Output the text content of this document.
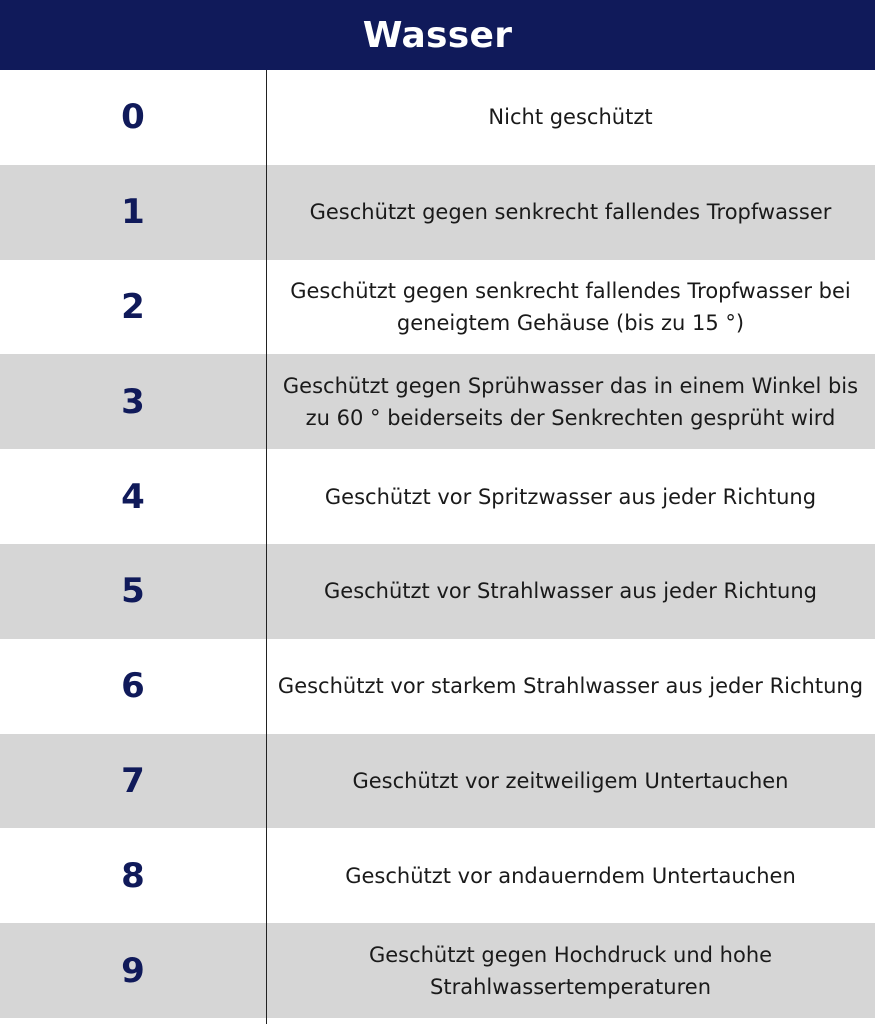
Wasser
0	Nicht geschützt
1	Geschützt gegen senkrecht fallendes Tropfwasser
2	Geschützt gegen senkrecht fallendes Tropfwasser bei geneigtem Gehäuse (bis zu 15 °)
3	Geschützt gegen Sprühwasser das in einem Winkel bis zu 60 ° beiderseits der Senkrechten gesprüht wird
4	Geschützt vor Spritzwasser aus jeder Richtung
5	Geschützt vor Strahlwasser aus jeder Richtung
6	Geschützt vor starkem Strahlwasser aus jeder Richtung
7	Geschützt vor zeitweiligem Untertauchen
8	Geschützt vor andauerndem Untertauchen
9	Geschützt gegen Hochdruck und hohe Strahlwassertemperaturen
